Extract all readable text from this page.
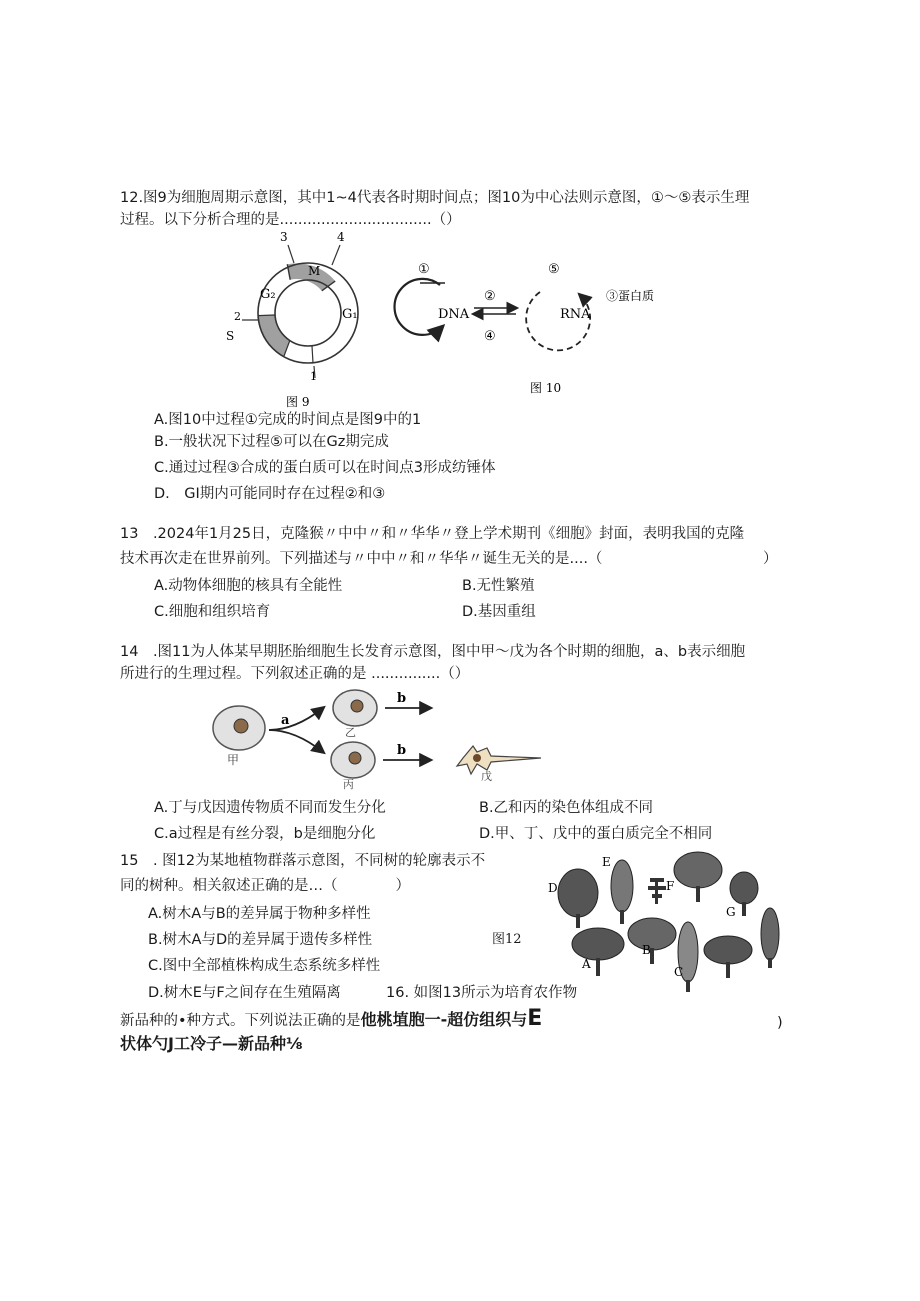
12.图9为细胞周期示意图，其中1~4代表各时期时间点；图10为中心法则示意图，①～⑤表示生理
过程。以下分析合理的是.................................（）
3	4
M
G₂
G₁
2
S
1
图 9
①
DNA
②
④
⑤
RNA
③蛋白质
图 10
A.图10中过程①完成的时间点是图9中的1
B.一般状况下过程⑤可以在Gz期完成
C.通过过程③合成的蛋白质可以在时间点3形成纺锤体
D.　GI期内可能同时存在过程②和③
13　.2024年1月25日，克隆猴〃中中〃和〃华华〃登上学术期刊《细胞》封面，表明我国的克隆
技术再次走在世界前列。下列描述与〃中中〃和〃华华〃诞生无关的是....（	）
A.动物体细胞的核具有全能性	B.无性繁殖
C.细胞和组织培育	D.基因重组
14　.图11为人体某早期胚胎细胞生长发育示意图，图中甲～戊为各个时期的细胞，a、b表示细胞
所进行的生理过程。下列叙述正确的是 ...............（）
甲
a
乙
丙
b
b
戊
A.丁与戊因遗传物质不同而发生分化	B.乙和丙的染色体组成不同
C.a过程是有丝分裂，b是细胞分化	D.甲、丁、戊中的蛋白质完全不相同
15　. 图12为某地植物群落示意图，不同树的轮廓表示不
同的树种。相关叙述正确的是…（　　　　）
A.树木A与B的差异属于物种多样性
B.树木A与D的差异属于遗传多样性	图12
C.图中全部植株构成生态系统多样性
D.树木E与F之间存在生殖隔离	16. 如图13所示为培育农作物
D
E
F
G
A
B
C
新品种的•种方式。下列说法正确的是他桃埴胞一-超仿组织与E	)
状体勺J工冷子—新品种⅛
